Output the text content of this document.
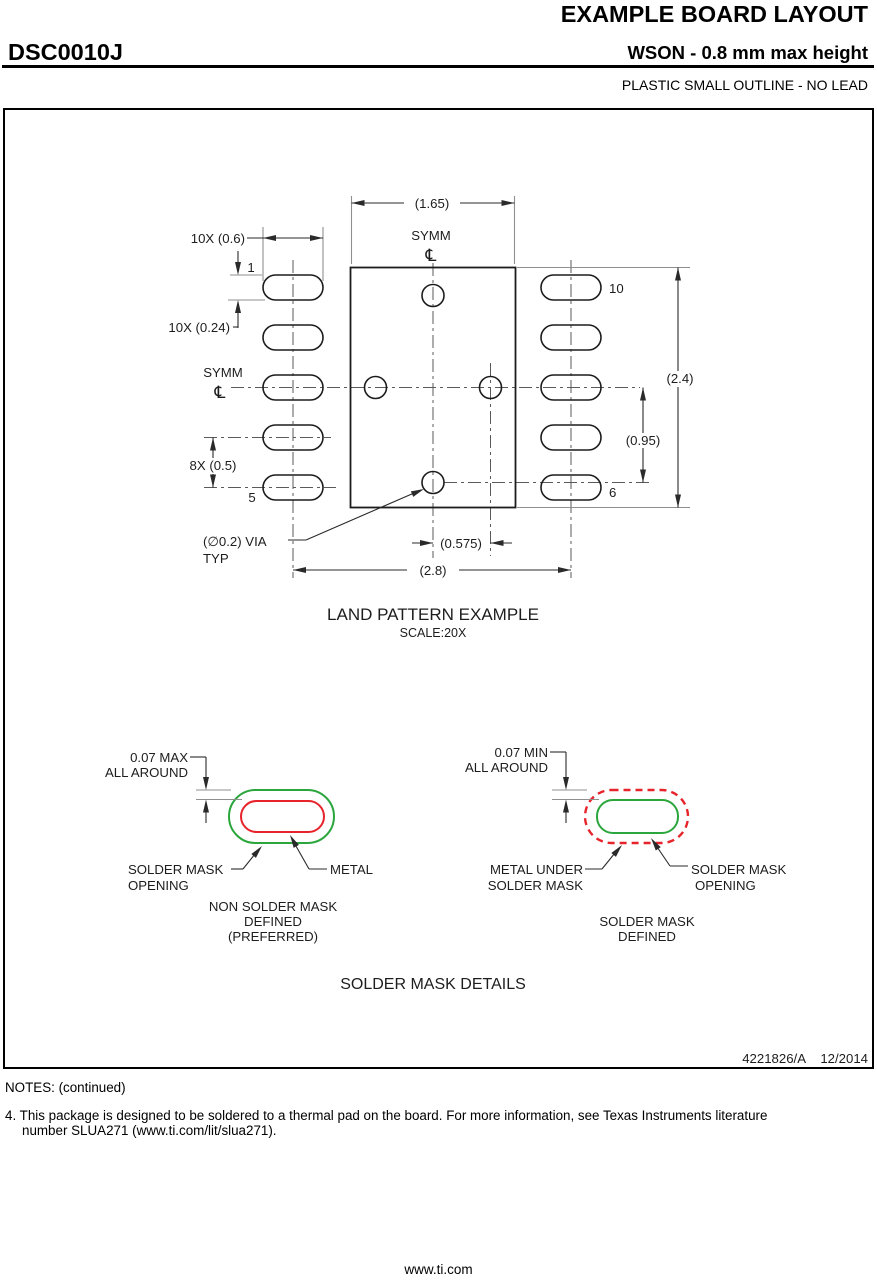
EXAMPLE BOARD LAYOUT
DSC0010J	WSON - 0.8 mm max height
PLASTIC SMALL OUTLINE - NO LEAD
(1.65)
SYMM
℄
10X (0.6)
1
10X (0.24)
SYMM
℄
8X (0.5)
5
10
6
(0.95)
(2.4)
(0.575)
(2.8)
(∅0.2) VIA
TYP
LAND PATTERN EXAMPLE
SCALE:20X
0.07 MAX
ALL AROUND
SOLDER MASK
OPENING
METAL
NON SOLDER MASK
DEFINED
(PREFERRED)
0.07 MIN
ALL AROUND
METAL UNDER
SOLDER MASK
SOLDER MASK
OPENING
SOLDER MASK
DEFINED
SOLDER MASK DETAILS
4221826/A 12/2014
NOTES: (continued)
4. This package is designed to be soldered to a thermal pad on the board. For more information, see Texas Instruments literature
number SLUA271 (www.ti.com/lit/slua271).
www.ti.com
